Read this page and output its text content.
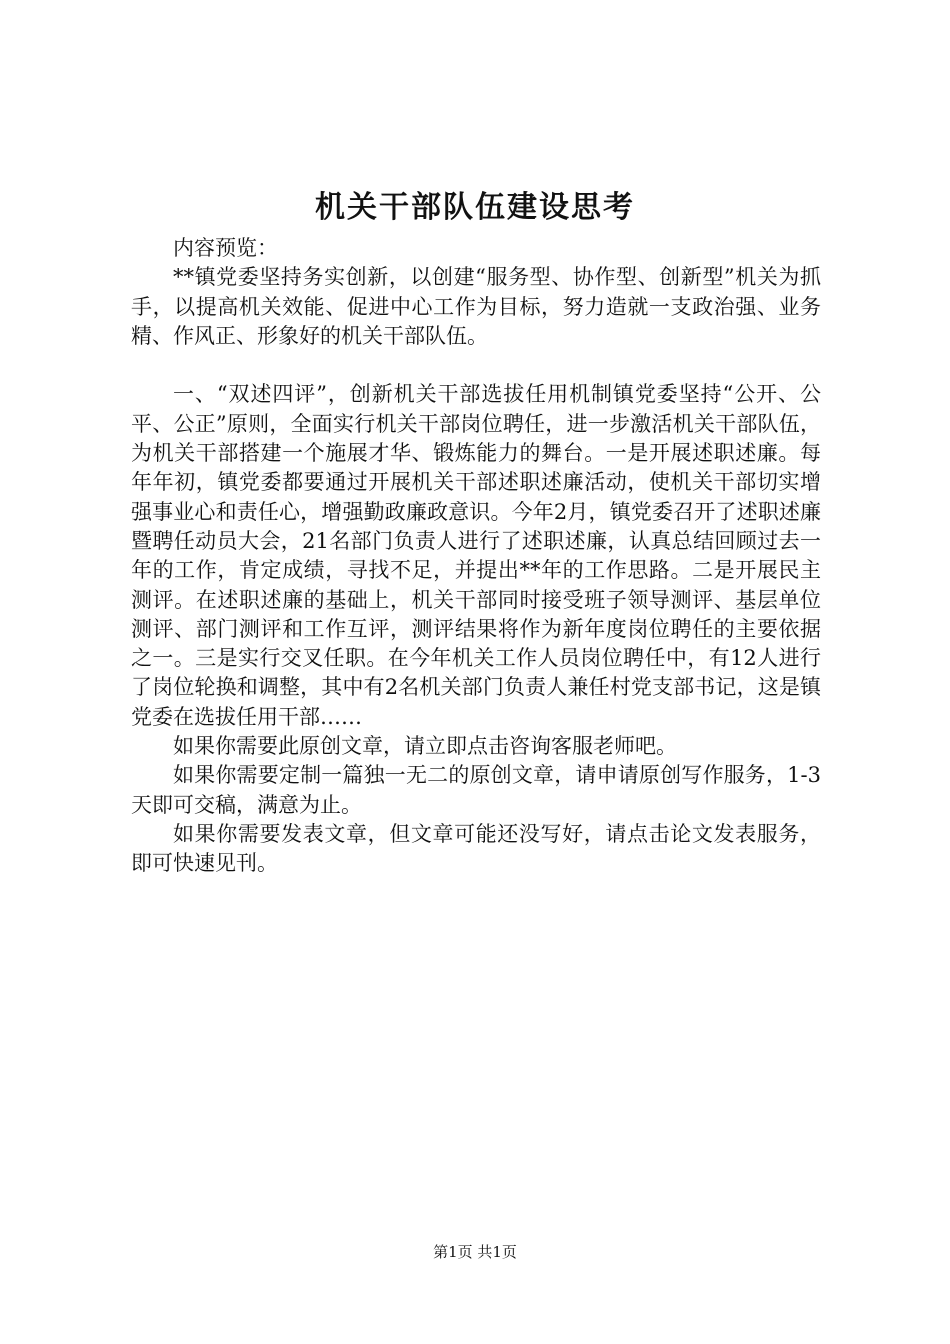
机关干部队伍建设思考

内容预览：

**镇党委坚持务实创新，以创建“服务型、协作型、创新型”机关为抓手，以提高机关效能、促进中心工作为目标，努力造就一支政治强、业务精、作风正、形象好的机关干部队伍。

一、“双述四评”，创新机关干部选拔任用机制镇党委坚持“公开、公平、公正”原则，全面实行机关干部岗位聘任，进一步激活机关干部队伍，为机关干部搭建一个施展才华、锻炼能力的舞台。一是开展述职述廉。每年年初，镇党委都要通过开展机关干部述职述廉活动，使机关干部切实增强事业心和责任心，增强勤政廉政意识。今年2月，镇党委召开了述职述廉暨聘任动员大会，21名部门负责人进行了述职述廉，认真总结回顾过去一年的工作，肯定成绩，寻找不足，并提出**年的工作思路。二是开展民主测评。在述职述廉的基础上，机关干部同时接受班子领导测评、基层单位测评、部门测评和工作互评，测评结果将作为新年度岗位聘任的主要依据之一。三是实行交叉任职。在今年机关工作人员岗位聘任中，有12人进行了岗位轮换和调整，其中有2名机关部门负责人兼任村党支部书记，这是镇党委在选拔任用干部……

如果你需要此原创文章，请立即点击咨询客服老师吧。

如果你需要定制一篇独一无二的原创文章，请申请原创写作服务，1-3天即可交稿，满意为止。

如果你需要发表文章，但文章可能还没写好，请点击论文发表服务，即可快速见刊。

第1页 共1页
